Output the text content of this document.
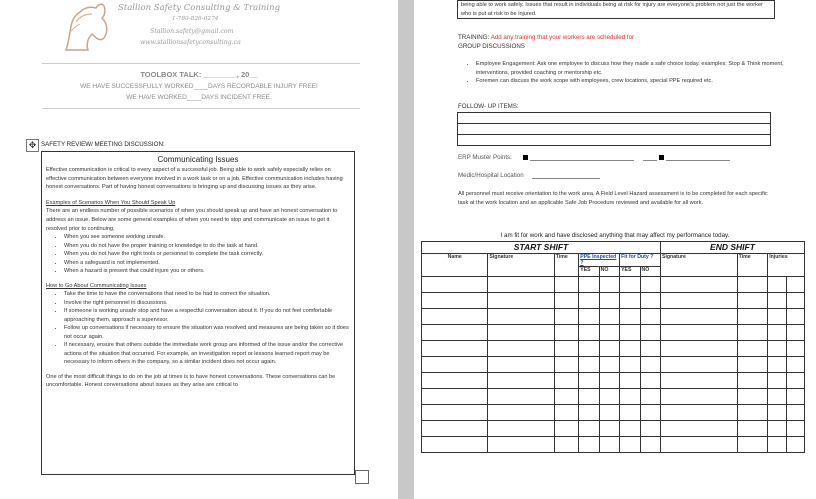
Stallion Safety Consulting & Training
1-780-826-0274
Stallion.safety@gmail.com
www.stallionsafetyconsulting.ca
TOOLBOX TALK: ________, 20__
WE HAVE SUCCESSFULLY WORKED____DAYS RECORDABLE INJURY FREE!
WE HAVE WORKED____DAYS INCIDENT FREE.
✥ SAFETY REVIEW/ MEETING DISCUSSION:
Communicating Issues
Effective communication is critical to every aspect of a successful job. Being able to work safely especially relies on effective communication between everyone involved in a work task or on a job. Effective communication includes having honest conversations. Part of having honest conversations is bringing up and discussing issues as they arise.
Examples of Scenarios When You Should Speak Up
There are an endless number of possible scenarios of when you should speak up and have an honest conversation to address an issue. Below are some general examples of when you need to stop and communicate an issue to get it resolved prior to continuing.
• When you see someone working unsafe.
• When you do not have the proper training or knowledge to do the task at hand.
• When you do not have the right tools or personnel to complete the task correctly.
• When a safeguard is not implemented.
• When a hazard is present that could injure you or others.
How to Go About Communicating Issues
• Take the time to have the conversations that need to be had to correct the situation.
• Involve the right personnel in discussions.
• If someone is working unsafe stop and have a respectful conversation about it. If you do not feel comfortable approaching them, approach a supervisor.
• Follow up conversations if necessary to ensure the situation was resolved and measures are being taken so it does not occur again.
• If necessary, ensure that others outside the immediate work group are informed of the issue and/or the corrective actions of the situation that occurred. For example, an investigation report or lessons learned report may be necessary to inform others in the company, so a similar incident does not occur again.
One of the most difficult things to do on the job at times is to have honest conversations. These conversations can be uncomfortable. Honest conversations about issues as they arise are critical to
being able to work safely. Issues that result in individuals being at risk for injury are everyone's problem not just the worker who is put at risk to be injured.
TRAINING: Add any training that your workers are scheduled for
GROUP DISCUSSIONS
• Employee Engagement: Ask one employee to discuss how they made a safe choice today. examples: Stop & Think moment, interventions, provided coaching or mentorship etc.
• Foremen can discuss the work scope with employees, crew locations, special PPE required etc.
FOLLOW- UP ITEMS:
ERP Muster Points:
Medic/Hospital Location
All personnel must receive orientation to the work area. A Field Level Hazard assessment is to be completed for each specific task at the work location and an applicable Safe Job Procedure reviewed and available for all work.
I am fit for work and have disclosed anything that may affect my performance today.
START SHIFT							END SHIFT			
Name	Signature	Time	PPE Inspected ?		Fit for Duty ?		Signature	Time	Injuries	
			YES	NO	YES	NO				
